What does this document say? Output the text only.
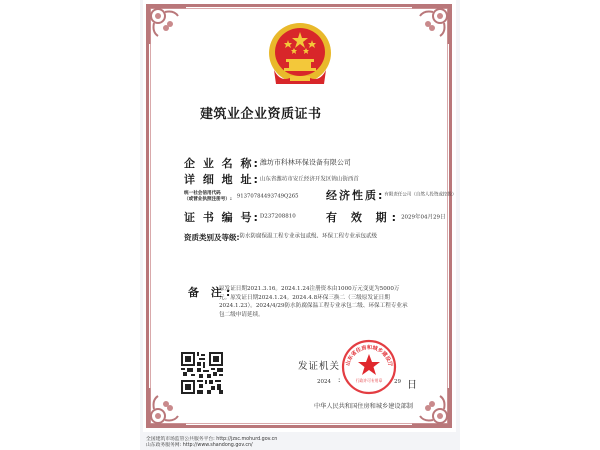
建筑业企业资质证书
企 业 名 称:潍坊市科林环保设备有限公司
详 细 地 址:山东省潍坊市安丘经济开发区锦山街西首
统一社会信用代码
（或营业执照注册号）: 91370784493749Q265 经济性质:有限责任公司（自然人投资或控股）
证 书 编 号:D237208810	有 效 期:2029年04月29日
资质类别及等级:防水防腐保温工程专业承包贰级、环保工程专业承包贰级
备 注:
原发证日期2021.3.16。2024.1.24注册资本由1000万元变更为5000万元。原发证日期2024.1.24。2024.4.8环保三换二（三级原发证日期2024.1.23）。2024/4/29防水防腐保温工程专业承包二级、环保工程专业承包二级申请延续。
发证机关 山东省住房和城乡建设厅
行政许可专用章
2024 :	29 日
中华人民共和国住房和城乡建设部制
全国建筑市场监管公共服务平台: http://jzsc.mohurd.gov.cn
山东政务服务网: http://www.shandong.gov.cn/
